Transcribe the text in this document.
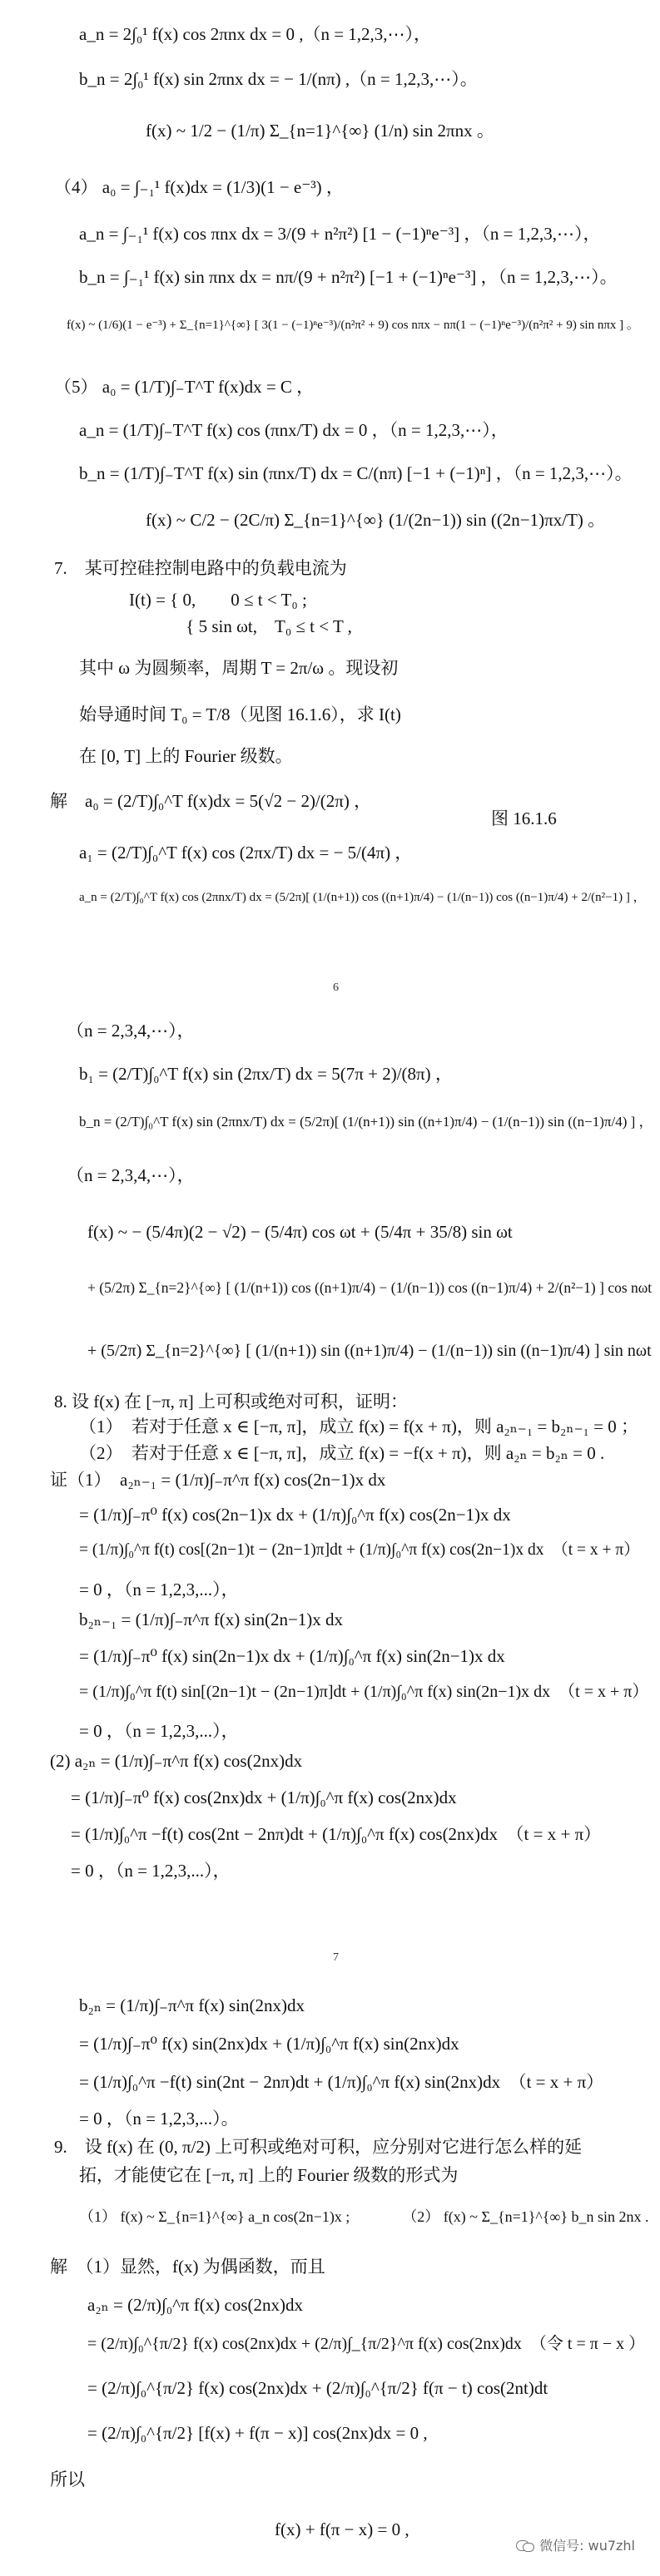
a_n = 2∫₀¹ f(x) cos 2πnx dx = 0 ,（n = 1,2,3,⋯），
b_n = 2∫₀¹ f(x) sin 2πnx dx = − 1/(nπ) ,（n = 1,2,3,⋯）。
f(x) ~ 1/2 − (1/π) Σ_{n=1}^{∞} (1/n) sin 2πnx 。
（4） a₀ = ∫₋₁¹ f(x)dx = (1/3)(1 − e⁻³) ，
a_n = ∫₋₁¹ f(x) cos πnx dx = 3/(9 + n²π²) [1 − (−1)ⁿe⁻³] ，（n = 1,2,3,⋯），
b_n = ∫₋₁¹ f(x) sin πnx dx = nπ/(9 + n²π²) [−1 + (−1)ⁿe⁻³] ，（n = 1,2,3,⋯）。
f(x) ~ (1/6)(1 − e⁻³) + Σ_{n=1}^{∞} [ 3(1 − (−1)ⁿe⁻³)/(n²π² + 9) cos nπx − nπ(1 − (−1)ⁿe⁻³)/(n²π² + 9) sin nπx ] 。
（5） a₀ = (1/T)∫₋T^T f(x)dx = C ，
a_n = (1/T)∫₋T^T f(x) cos (πnx/T) dx = 0 ，（n = 1,2,3,⋯），
b_n = (1/T)∫₋T^T f(x) sin (πnx/T) dx = C/(nπ) [−1 + (−1)ⁿ] ，（n = 1,2,3,⋯）。
f(x) ~ C/2 − (2C/π) Σ_{n=1}^{∞} (1/(2n−1)) sin ((2n−1)πx/T) 。
7.　某可控硅控制电路中的负载电流为
I(t) = { 0,　　0 ≤ t < T₀ ;
　　　 { 5 sin ωt,　T₀ ≤ t < T ,
其中 ω 为圆频率，周期 T = 2π/ω 。现设初
始导通时间 T₀ = T/8（见图 16.1.6），求 I(t)
在 [0, T] 上的 Fourier 级数。
解　a₀ = (2/T)∫₀^T f(x)dx = 5(√2 − 2)/(2π) ，
a₁ = (2/T)∫₀^T f(x) cos (2πx/T) dx = − 5/(4π) ，
a_n = (2/T)∫₀^T f(x) cos (2πnx/T) dx = (5/2π)[ (1/(n+1)) cos ((n+1)π/4) − (1/(n−1)) cos ((n−1)π/4) + 2/(n²−1) ] ，
（n = 2,3,4,⋯），
b₁ = (2/T)∫₀^T f(x) sin (2πx/T) dx = 5(7π + 2)/(8π) ，
b_n = (2/T)∫₀^T f(x) sin (2πnx/T) dx = (5/2π)[ (1/(n+1)) sin ((n+1)π/4) − (1/(n−1)) sin ((n−1)π/4) ] ，
（n = 2,3,4,⋯），
f(x) ~ − (5/4π)(2 − √2) − (5/4π) cos ωt + (5/4π + 35/8) sin ωt
+ (5/2π) Σ_{n=2}^{∞} [ (1/(n+1)) cos ((n+1)π/4) − (1/(n−1)) cos ((n−1)π/4) + 2/(n²−1) ] cos nωt
+ (5/2π) Σ_{n=2}^{∞} [ (1/(n+1)) sin ((n+1)π/4) − (1/(n−1)) sin ((n−1)π/4) ] sin nωt
8. 设 f(x) 在 [−π, π] 上可积或绝对可积，证明：
（1）　若对于任意 x ∈ [−π, π]，成立 f(x) = f(x + π)，则 a₂ₙ₋₁ = b₂ₙ₋₁ = 0 ；
（2）　若对于任意 x ∈ [−π, π]，成立 f(x) = −f(x + π)，则 a₂ₙ = b₂ₙ = 0 .
证（1）　a₂ₙ₋₁ = (1/π)∫₋π^π f(x) cos(2n−1)x dx
= (1/π)∫₋π⁰ f(x) cos(2n−1)x dx + (1/π)∫₀^π f(x) cos(2n−1)x dx
= (1/π)∫₀^π f(t) cos[(2n−1)t − (2n−1)π]dt + (1/π)∫₀^π f(x) cos(2n−1)x dx　（t = x + π）
= 0 ，（n = 1,2,3,...），
b₂ₙ₋₁ = (1/π)∫₋π^π f(x) sin(2n−1)x dx
= (1/π)∫₋π⁰ f(x) sin(2n−1)x dx + (1/π)∫₀^π f(x) sin(2n−1)x dx
= (1/π)∫₀^π f(t) sin[(2n−1)t − (2n−1)π]dt + (1/π)∫₀^π f(x) sin(2n−1)x dx　（t = x + π）
= 0 ，（n = 1,2,3,...），
(2) a₂ₙ = (1/π)∫₋π^π f(x) cos(2nx)dx
= (1/π)∫₋π⁰ f(x) cos(2nx)dx + (1/π)∫₀^π f(x) cos(2nx)dx
= (1/π)∫₀^π −f(t) cos(2nt − 2nπ)dt + (1/π)∫₀^π f(x) cos(2nx)dx　（t = x + π）
= 0 ，（n = 1,2,3,...），
b₂ₙ = (1/π)∫₋π^π f(x) sin(2nx)dx
= (1/π)∫₋π⁰ f(x) sin(2nx)dx + (1/π)∫₀^π f(x) sin(2nx)dx
= (1/π)∫₀^π −f(t) sin(2nt − 2nπ)dt + (1/π)∫₀^π f(x) sin(2nx)dx　（t = x + π）
= 0 ，（n = 1,2,3,...）。
9.　设 f(x) 在 (0, π/2) 上可积或绝对可积，应分别对它进行怎么样的延
拓，才能使它在 [−π, π] 上的 Fourier 级数的形式为
（1） f(x) ~ Σ_{n=1}^{∞} a_n cos(2n−1)x ;　　　　（2） f(x) ~ Σ_{n=1}^{∞} b_n sin 2nx .
解　（1）显然，f(x) 为偶函数，而且
a₂ₙ = (2/π)∫₀^π f(x) cos(2nx)dx
= (2/π)∫₀^{π/2} f(x) cos(2nx)dx + (2/π)∫_{π/2}^π f(x) cos(2nx)dx　（令 t = π − x ）
= (2/π)∫₀^{π/2} f(x) cos(2nx)dx + (2/π)∫₀^{π/2} f(π − t) cos(2nt)dt
= (2/π)∫₀^{π/2} [f(x) + f(π − x)] cos(2nx)dx = 0 ,
所以
f(x) + f(π − x) = 0 ,
图 16.1.6
6
7
微信号: wu7zhl
